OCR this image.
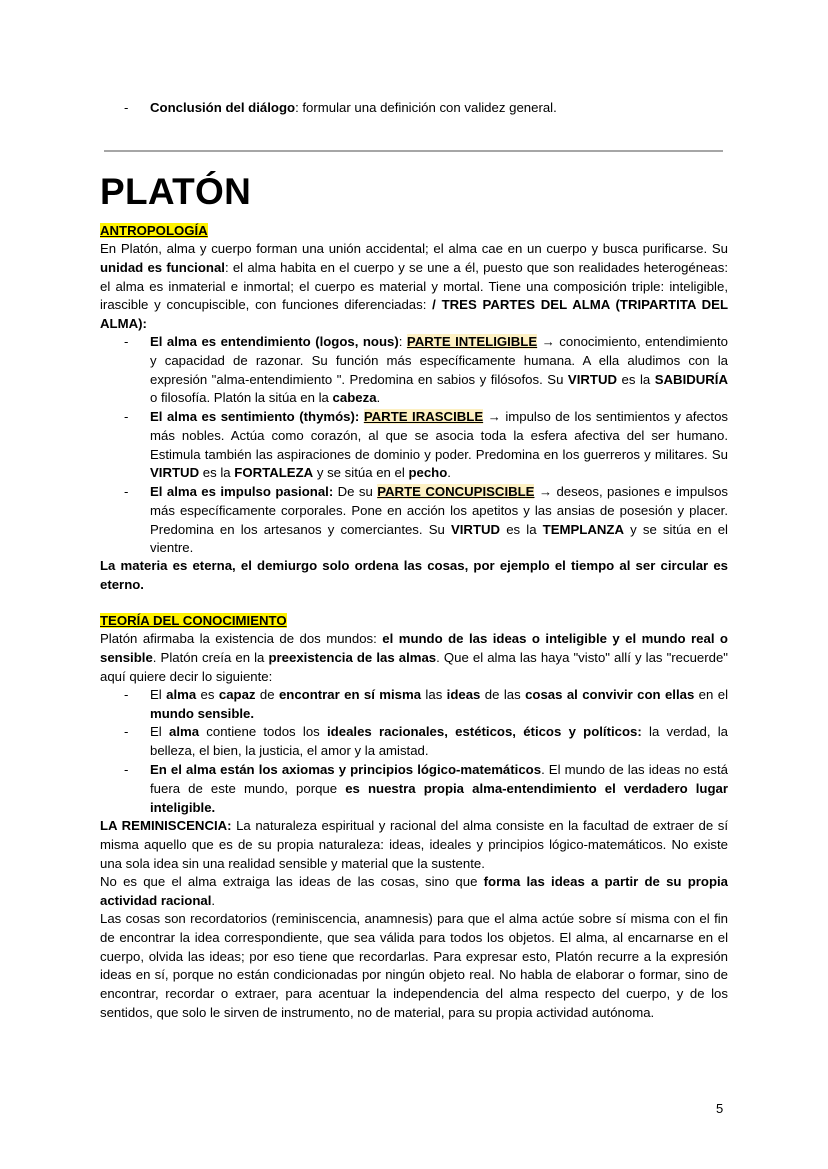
-	Conclusión del diálogo: formular una definición con validez general.
PLATÓN
ANTROPOLOGÍA
En Platón, alma y cuerpo forman una unión accidental; el alma cae en un cuerpo y busca purificarse. Su unidad es funcional: el alma habita en el cuerpo y se une a él, puesto que son realidades heterogéneas: el alma es inmaterial e inmortal; el cuerpo es material y mortal. Tiene una composición triple: inteligible, irascible y concupiscible, con funciones diferenciadas: / TRES PARTES DEL ALMA (TRIPARTITA DEL ALMA):
-	El alma es entendimiento (logos, nous): PARTE INTELIGIBLE → conocimiento, entendimiento y capacidad de razonar. Su función más específicamente humana. A ella aludimos con la expresión "alma-entendimiento ". Predomina en sabios y filósofos. Su VIRTUD es la SABIDURÍA o filosofía. Platón la sitúa en la cabeza.
-	El alma es sentimiento (thymós): PARTE IRASCIBLE → impulso de los sentimientos y afectos más nobles. Actúa como corazón, al que se asocia toda la esfera afectiva del ser humano. Estimula también las aspiraciones de dominio y poder. Predomina en los guerreros y militares. Su VIRTUD es la FORTALEZA y se sitúa en el pecho.
-	El alma es impulso pasional: De su PARTE CONCUPISCIBLE → deseos, pasiones e impulsos más específicamente corporales. Pone en acción los apetitos y las ansias de posesión y placer. Predomina en los artesanos y comerciantes. Su VIRTUD es la TEMPLANZA y se sitúa en el vientre.
La materia es eterna, el demiurgo solo ordena las cosas, por ejemplo el tiempo al ser circular es eterno.
TEORÍA DEL CONOCIMIENTO
Platón afirmaba la existencia de dos mundos: el mundo de las ideas o inteligible y el mundo real o sensible. Platón creía en la preexistencia de las almas. Que el alma las haya "visto" allí y las "recuerde" aquí quiere decir lo siguiente:
-	El alma es capaz de encontrar en sí misma las ideas de las cosas al convivir con ellas en el mundo sensible.
-	El alma contiene todos los ideales racionales, estéticos, éticos y políticos: la verdad, la belleza, el bien, la justicia, el amor y la amistad.
-	En el alma están los axiomas y principios lógico-matemáticos. El mundo de las ideas no está fuera de este mundo, porque es nuestra propia alma-entendimiento el verdadero lugar inteligible.
LA REMINISCENCIA: La naturaleza espiritual y racional del alma consiste en la facultad de extraer de sí misma aquello que es de su propia naturaleza: ideas, ideales y principios lógico-matemáticos. No existe una sola idea sin una realidad sensible y material que la sustente.
No es que el alma extraiga las ideas de las cosas, sino que forma las ideas a partir de su propia actividad racional.
Las cosas son recordatorios (reminiscencia, anamnesis) para que el alma actúe sobre sí misma con el fin de encontrar la idea correspondiente, que sea válida para todos los objetos. El alma, al encarnarse en el cuerpo, olvida las ideas; por eso tiene que recordarlas. Para expresar esto, Platón recurre a la expresión ideas en sí, porque no están condicionadas por ningún objeto real. No habla de elaborar o formar, sino de encontrar, recordar o extraer, para acentuar la independencia del alma respecto del cuerpo, y de los sentidos, que solo le sirven de instrumento, no de material, para su propia actividad autónoma.
5
